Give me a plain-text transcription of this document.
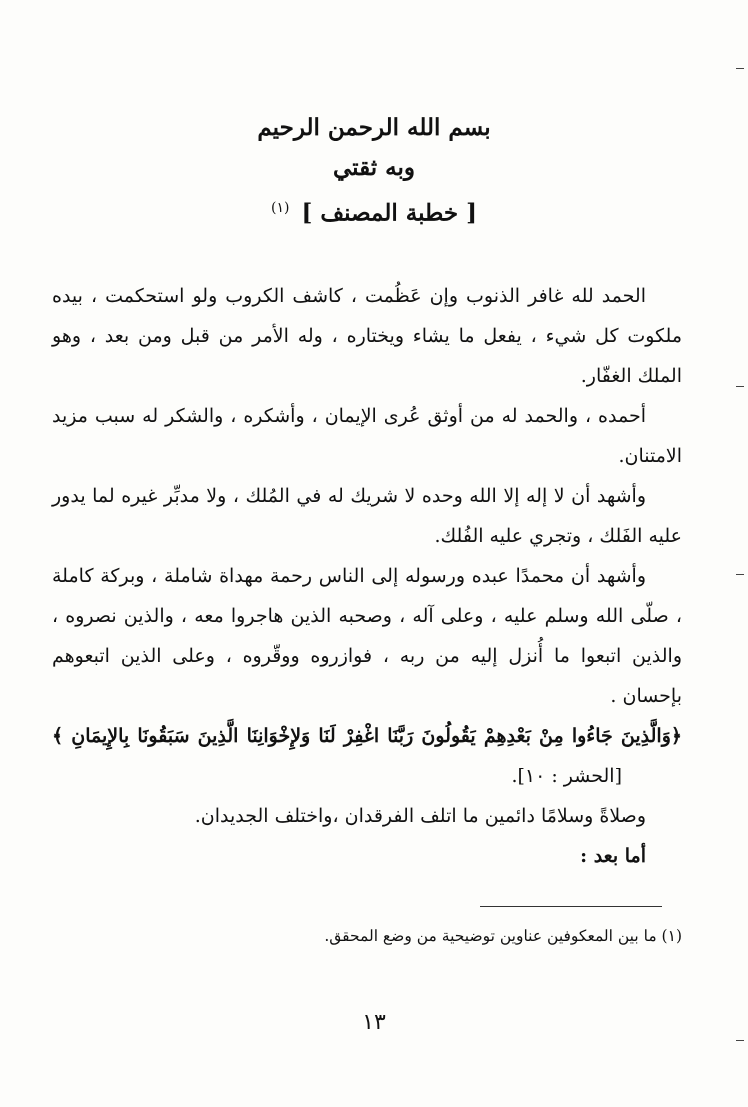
بسم الله الرحمن الرحيم
وبه ثقتي
[ خطبة المصنف ] $^{(١)}$

الحمد لله غافر الذنوب وإن عَظُمت ، كاشف الكروب ولو استحكمت ، بيده ملكوت كل شيء ، يفعل ما يشاء ويختاره ، وله الأمر من قبل ومن بعد ، وهو الملك الغفّار.

أحمده ، والحمد له من أوثق عُرى الإيمان ، وأشكره ، والشكر له سبب مزيد الامتنان.

وأشهد أن لا إله إلا الله وحده لا شريك له في المُلك ، ولا مدبِّر غيره لما يدور عليه الفَلك ، وتجري عليه الفُلك.

وأشهد أن محمدًا عبده ورسوله إلى الناس رحمة مهداة شاملة ، وبركة كاملة ، صلّى الله وسلم عليه ، وعلى آله ، وصحبه الذين هاجروا معه ، والذين نصروه ، والذين اتبعوا ما أُنزل إليه من ربه ، فوازروه ووقّروه ، وعلى الذين اتبعوهم بإحسان .

﴿وَالَّذِينَ جَاءُوا مِنْ بَعْدِهِمْ يَقُولُونَ رَبَّنَا اغْفِرْ لَنَا وَلإِخْوَانِنَا الَّذِينَ سَبَقُونَا بِالإِيمَانِ ﴾ [الحشر : ١٠].

وصلاةً وسلامًا دائمين ما اتلف الفرقدان ،واختلف الجديدان.

أما بعد :

(١) ما بين المعكوفين عناوين توضيحية من وضع المحقق.
١٣
